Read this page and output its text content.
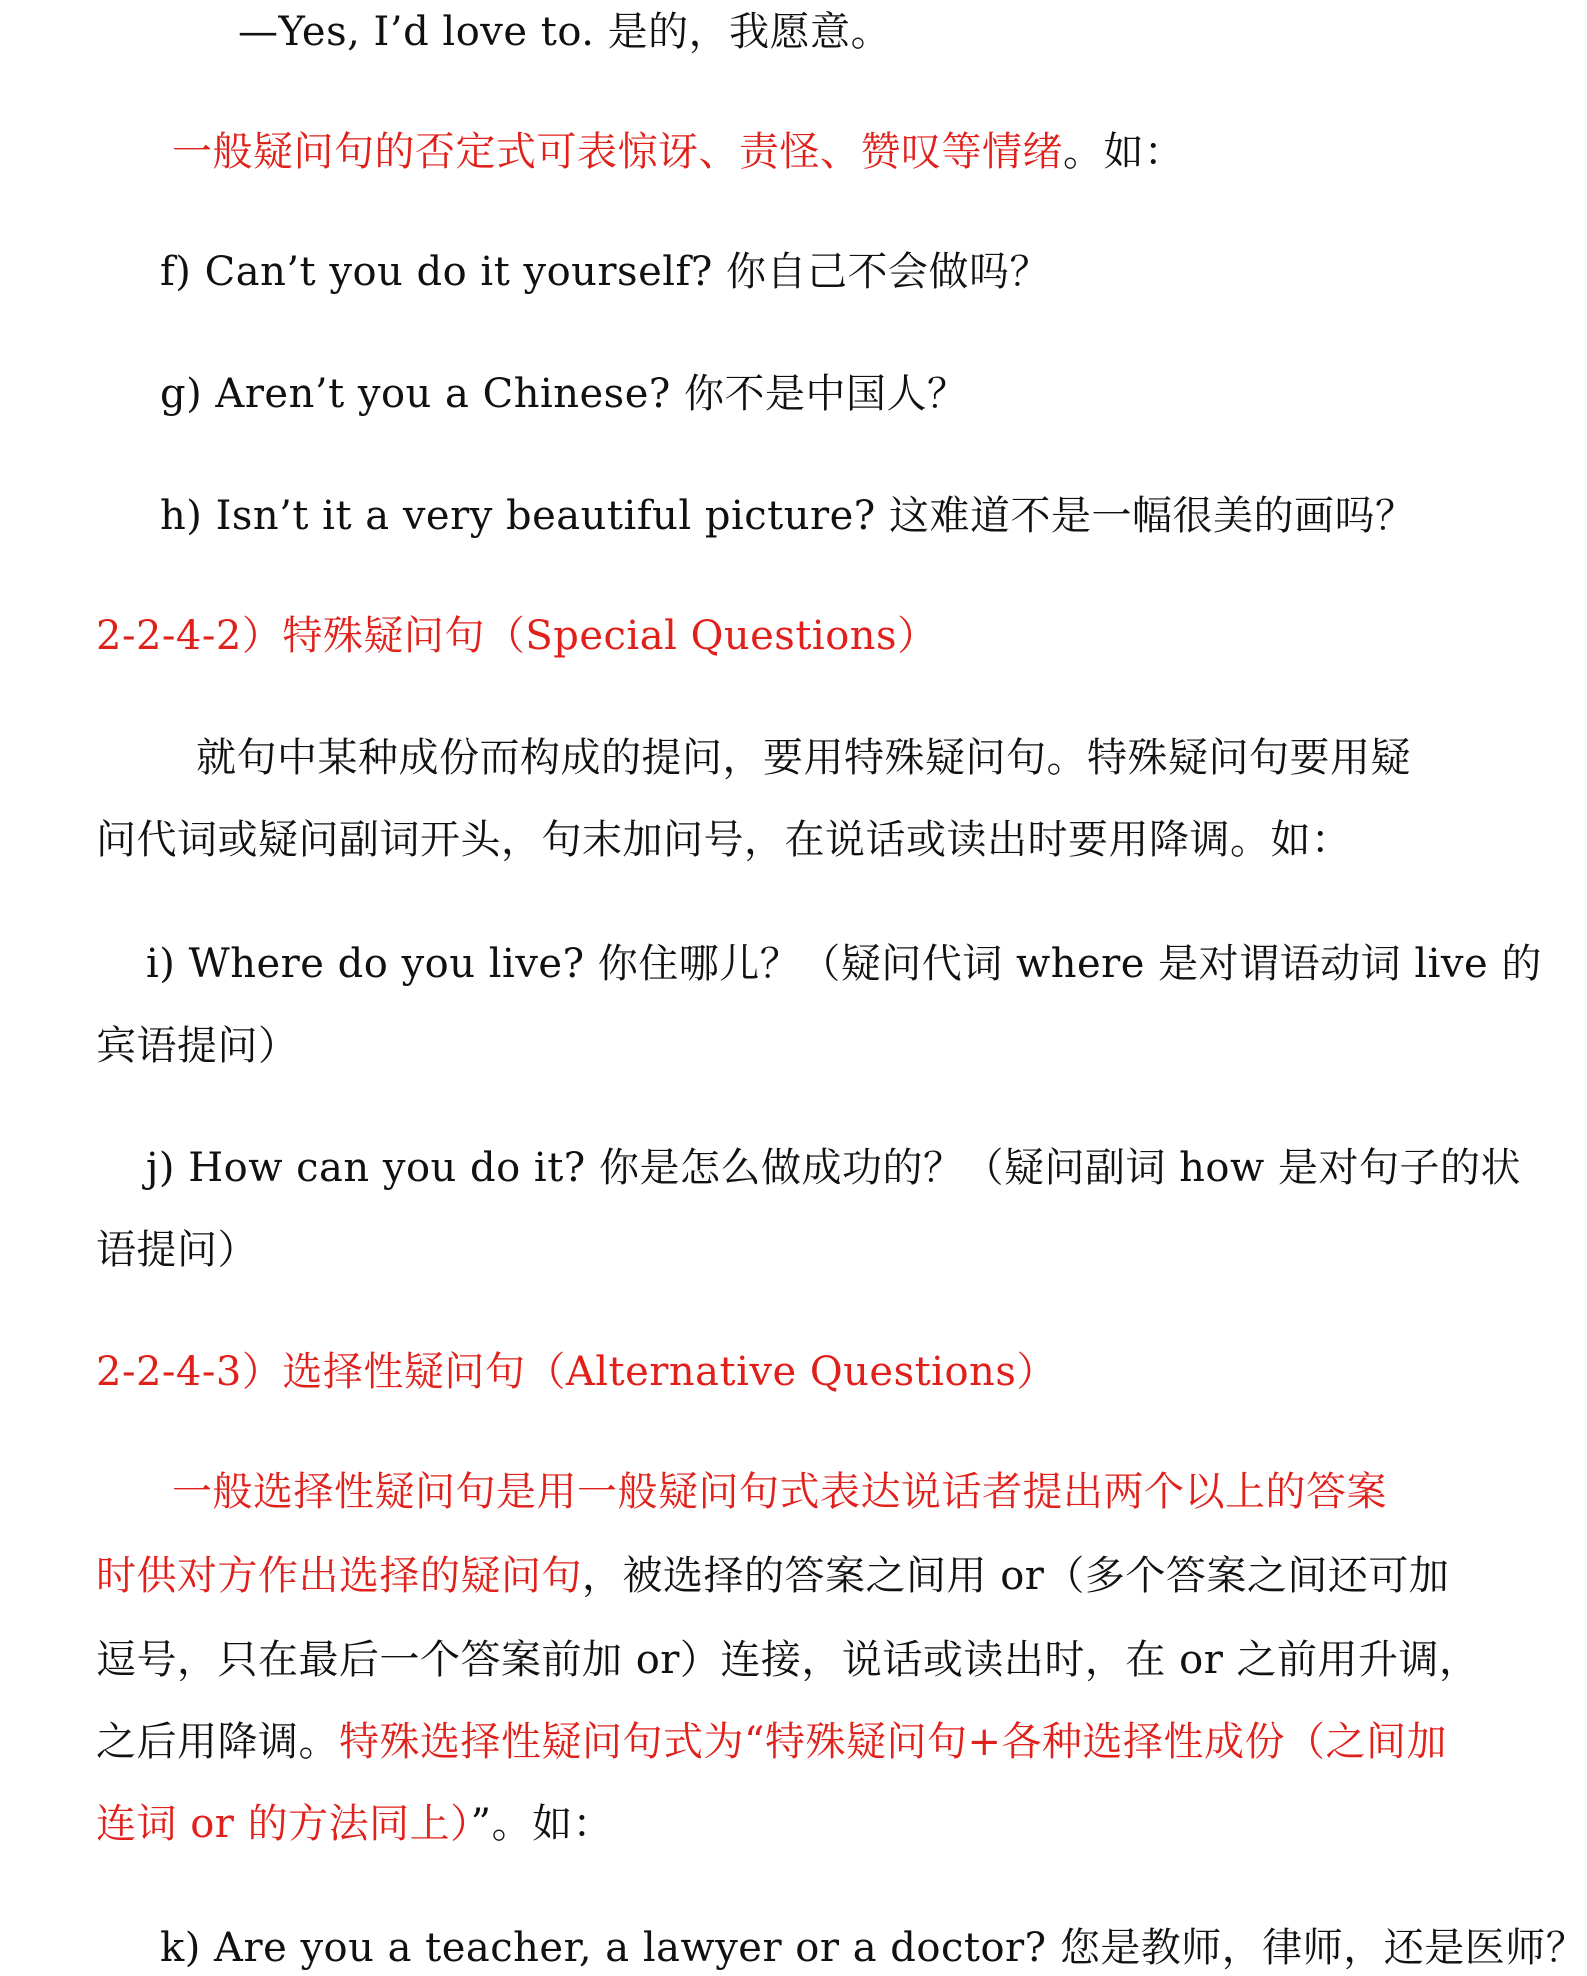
—Yes, I’d love to. 是的，我愿意。
一般疑问句的否定式可表惊讶、责怪、赞叹等情绪。如：
f) Can’t you do it yourself? 你自己不会做吗？
g) Aren’t you a Chinese? 你不是中国人？
h) Isn’t it a very beautiful picture? 这难道不是一幅很美的画吗？
2-2-4-2）特殊疑问句（Special Questions）
就句中某种成份而构成的提问，要用特殊疑问句。特殊疑问句要用疑
问代词或疑问副词开头，句末加问号，在说话或读出时要用降调。如：
i) Where do you live? 你住哪儿？（疑问代词 where 是对谓语动词 live 的
宾语提问）
j) How can you do it? 你是怎么做成功的？（疑问副词 how 是对句子的状
语提问）
2-2-4-3）选择性疑问句（Alternative Questions）
一般选择性疑问句是用一般疑问句式表达说话者提出两个以上的答案
时供对方作出选择的疑问句，被选择的答案之间用 or（多个答案之间还可加
逗号，只在最后一个答案前加 or）连接，说话或读出时，在 or 之前用升调，
之后用降调。特殊选择性疑问句式为“特殊疑问句+各种选择性成份（之间加
连词 or 的方法同上）”。如：
k) Are you a teacher, a lawyer or a doctor? 您是教师，律师，还是医师？
